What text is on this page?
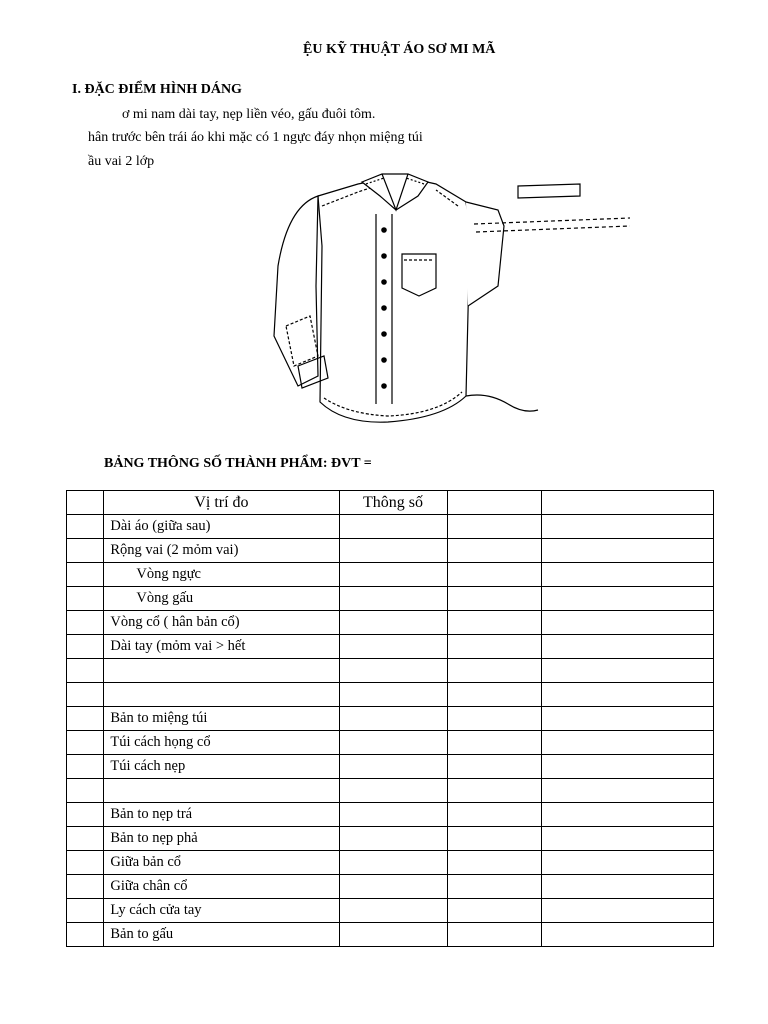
ỆU KỸ THUẬT ÁO SƠ MI MÃ
I. ĐẶC ĐIỂM HÌNH DÁNG
ơ mi nam dài tay, nẹp liền véo, gấu đuôi tôm.
hân trước bên trái áo khi mặc có 1 ngực đáy nhọn miệng túi
ầu vai 2 lớp
BẢNG THÔNG SỐ THÀNH PHẨM: ĐVT =
	Vị trí đo	Thông số		
	Dài áo (giữa sau)			
	Rộng vai (2 mỏm vai)			
	Vòng ngực			
	Vòng gấu			
	Vòng cổ ( hân bản cổ)			
	Dài tay (mỏm vai > hết			

	Bản to miệng túi			
	Túi cách họng cổ			
	Túi cách nẹp			

	Bản to nẹp trá			
	Bản to nẹp phả			
	Giữa bản cổ			
	Giữa chân cổ			
	Ly cách cửa tay			
	Bản to gấu			
